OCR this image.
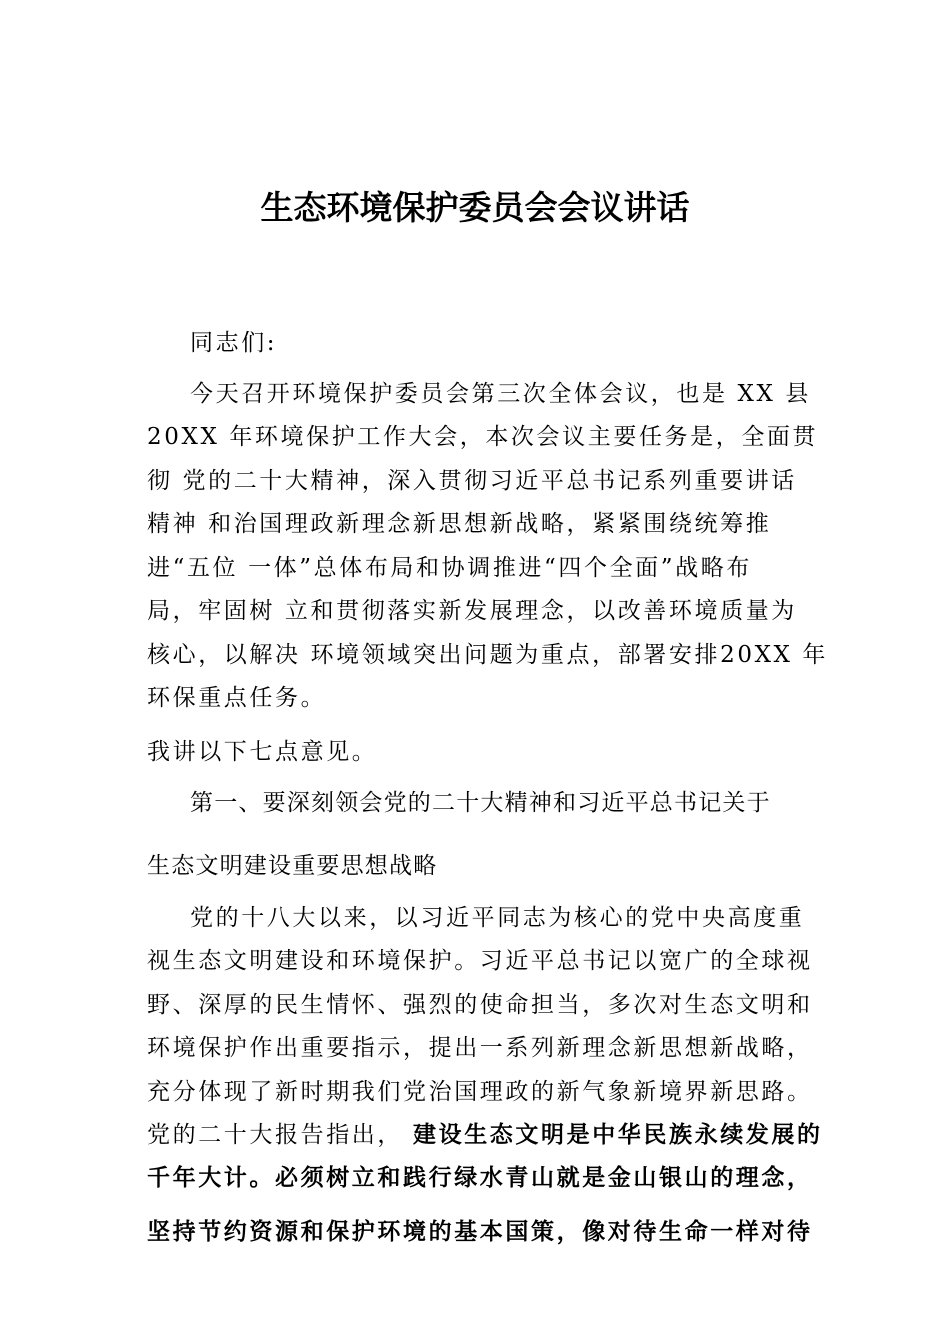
生态环境保护委员会会议讲话
同志们:
今天召开环境保护委员会第三次全体会议，也是 XX 县
20XX 年环境保护工作大会，本次会议主要任务是，全面贯
彻 党的二十大精神，深入贯彻习近平总书记系列重要讲话
精神 和治国理政新理念新思想新战略，紧紧围绕统筹推
进“五位 一体”总体布局和协调推进“四个全面”战略布
局，牢固树 立和贯彻落实新发展理念，以改善环境质量为
核心，以解决 环境领域突出问题为重点，部署安排20XX 年
环保重点任务。
我讲以下七点意见。
第一、要深刻领会党的二十大精神和习近平总书记关于
生态文明建设重要思想战略
党的十八大以来，以习近平同志为核心的党中央高度重
视生态文明建设和环境保护。习近平总书记以宽广的全球视
野、深厚的民生情怀、强烈的使命担当，多次对生态文明和
环境保护作出重要指示，提出一系列新理念新思想新战略，
充分体现了新时期我们党治国理政的新气象新境界新思路。
党的二十大报告指出， 建设生态文明是中华民族永续发展的
千年大计。必须树立和践行绿水青山就是金山银山的理念，
坚持节约资源和保护环境的基本国策，像对待生命一样对待
